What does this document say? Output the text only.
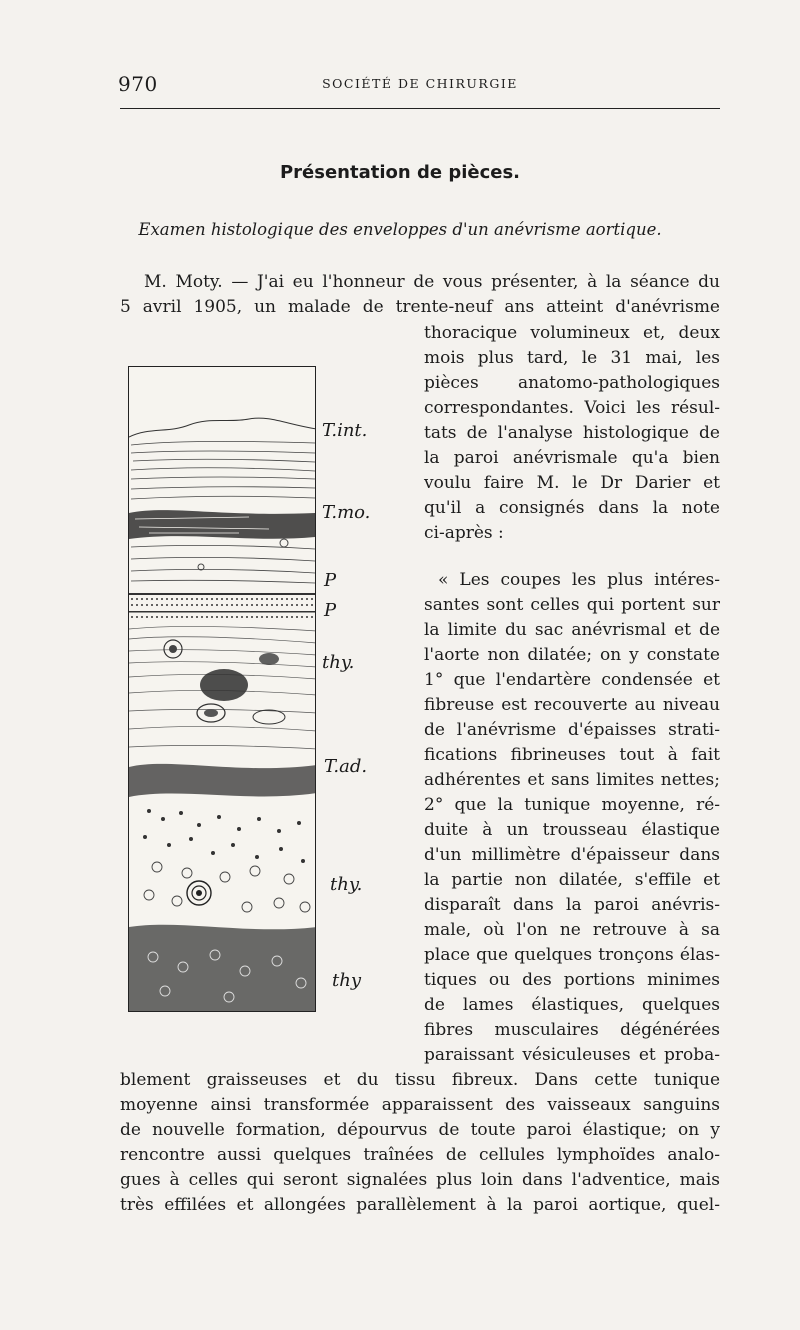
970	SOCIÉTÉ DE CHIRURGIE
Présentation de pièces.
Examen histologique des enveloppes d'un anévrisme aortique.
T.int.
T.mo.
P
P
thy.
T.ad.
thy.
thy
M. Moty. — J'ai eu l'honneur de vous présenter, à la séance du
5 avril 1905, un malade de trente-neuf ans atteint d'anévrisme
thoracique volumineux et, deux
mois plus tard, le 31 mai, les
pièces anatomo-pathologiques
correspondantes. Voici les résul-
tats de l'analyse histologique de
la paroi anévrismale qu'a bien
voulu faire M. le Dr Darier et
qu'il a consignés dans la note
ci-après :
« Les coupes les plus intéres-
santes sont celles qui portent sur
la limite du sac anévrismal et de
l'aorte non dilatée; on y constate
1° que l'endartère condensée et
fibreuse est recouverte au niveau
de l'anévrisme d'épaisses strati-
fications fibrineuses tout à fait
adhérentes et sans limites nettes;
2° que la tunique moyenne, ré-
duite à un trousseau élastique
d'un millimètre d'épaisseur dans
la partie non dilatée, s'effile et
disparaît dans la paroi anévris-
male, où l'on ne retrouve à sa
place que quelques tronçons élas-
tiques ou des portions minimes
de lames élastiques, quelques
fibres musculaires dégénérées
paraissant vésiculeuses et proba-
blement graisseuses et du tissu fibreux. Dans cette tunique
moyenne ainsi transformée apparaissent des vaisseaux sanguins
de nouvelle formation, dépourvus de toute paroi élastique; on y
rencontre aussi quelques traînées de cellules lymphoïdes analo-
gues à celles qui seront signalées plus loin dans l'adventice, mais
très effilées et allongées parallèlement à la paroi aortique, quel-
